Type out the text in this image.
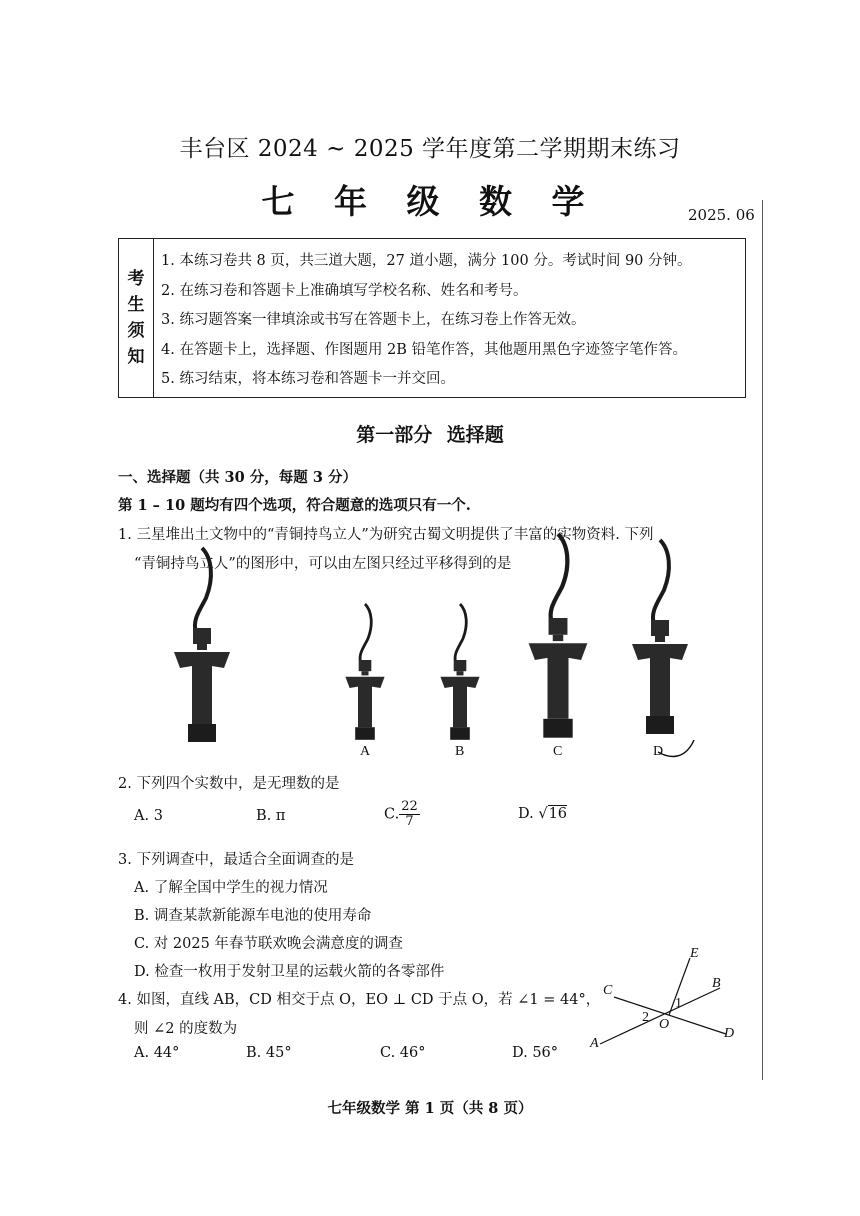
丰台区 2024 ~ 2025 学年度第二学期期末练习
七 年 级 数 学	2025. 06
考
生
须
知
1. 本练习卷共 8 页，共三道大题，27 道小题，满分 100 分。考试时间 90 分钟。
2. 在练习卷和答题卡上准确填写学校名称、姓名和考号。
3. 练习题答案一律填涂或书写在答题卡上，在练习卷上作答无效。
4. 在答题卡上，选择题、作图题用 2B 铅笔作答，其他题用黑色字迹签字笔作答。
5. 练习结束，将本练习卷和答题卡一并交回。
第一部分 选择题
一、选择题（共 30 分，每题 3 分）
第 1 – 10 题均有四个选项，符合题意的选项只有一个.
1. 三星堆出土文物中的“青铜持鸟立人”为研究古蜀文明提供了丰富的实物资料. 下列
“青铜持鸟立人”的图形中，可以由左图只经过平移得到的是
A	B	C	D
2. 下列四个实数中，是无理数的是
A. 3	B. π	C. $\frac{22}{7}$	D. √16
3. 下列调查中，最适合全面调查的是
A. 了解全国中学生的视力情况
B. 调查某款新能源车电池的使用寿命
C. 对 2025 年春节联欢晚会满意度的调查
D. 检查一枚用于发射卫星的运载火箭的各零部件
4. 如图，直线 AB，CD 相交于点 O，EO ⊥ CD 于点 O，若 ∠1 = 44°，
则 ∠2 的度数为
A. 44°	B. 45°	C. 46°	D. 56°
E
B
C
A
D
O
1
2
七年级数学 第 1 页（共 8 页）
